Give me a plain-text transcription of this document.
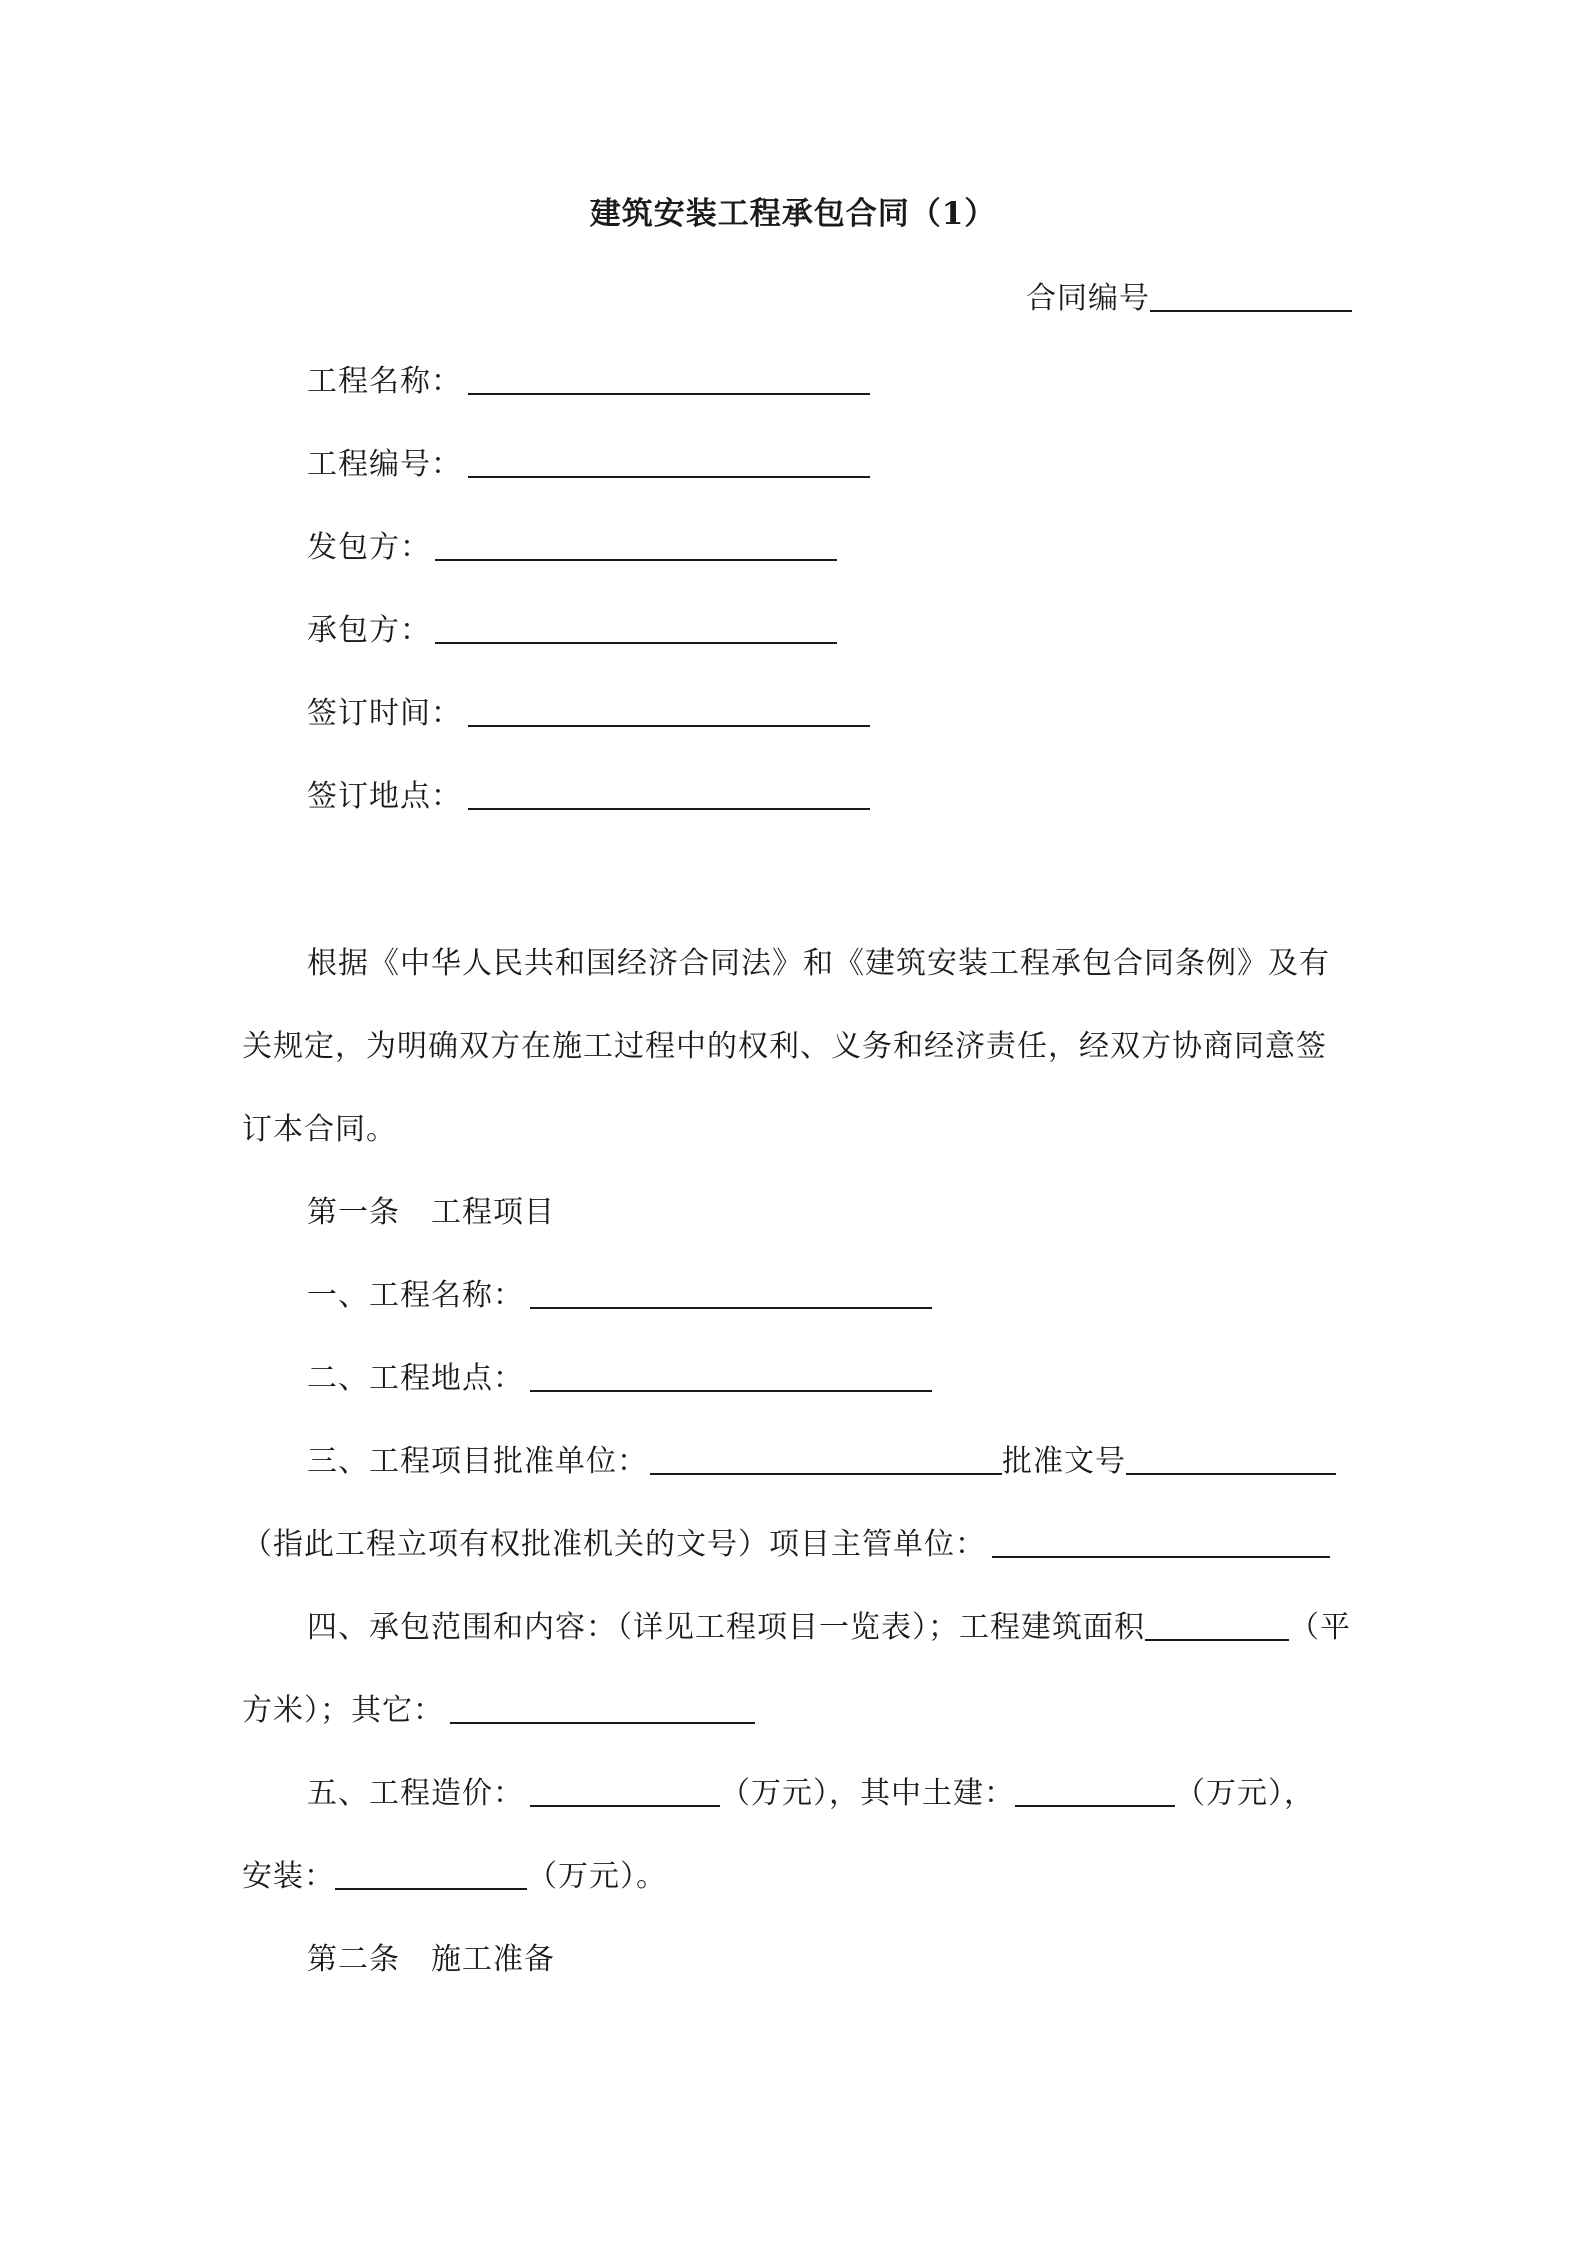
建筑安装工程承包合同（1）
合同编号
工程名称：
工程编号：
发包方：
承包方：
签订时间：
签订地点：
根据《中华人民共和国经济合同法》和《建筑安装工程承包合同条例》及有
关规定，为明确双方在施工过程中的权利、义务和经济责任，经双方协商同意签
订本合同。
第一条　工程项目
一、工程名称：
二、工程地点：
三、工程项目批准单位：	批准文号
（指此工程立项有权批准机关的文号）项目主管单位：
四、承包范围和内容：（详见工程项目一览表）；工程建筑面积	（平
方米）；其它：
五、工程造价：	（万元），其中土建：	（万元），
安装：	（万元）。
第二条　施工准备
